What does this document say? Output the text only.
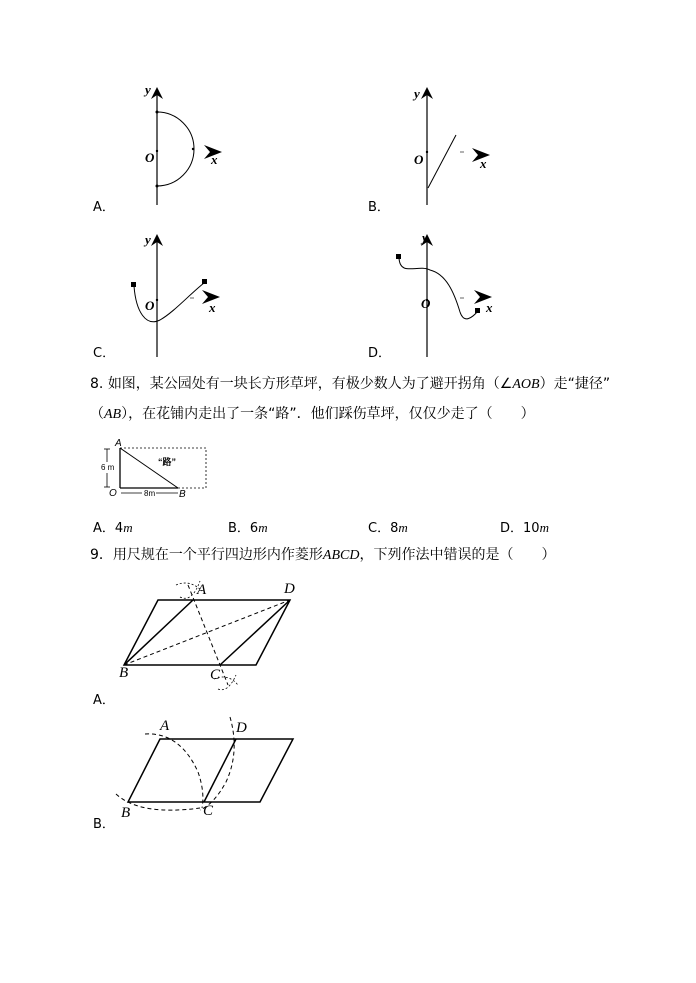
y
O	x
A．
y
O	x
B．
y
O	x
C．
y
O	x
D．
8. 如图，某公园处有一块长方形草坪，有极少数人为了避开拐角（∠AOB）走“捷径”
（AB），在花铺内走出了一条“路”．他们踩伤草坪，仅仅少走了（　　）
A
6 m
“路”
O	8m B
A．4m	B．6m	C．8m	D．10m
9．用尺规在一个平行四边形内作菱形ABCD，下列作法中错误的是（　　）
A	D
B	C
A．
A	D
B	C
B．
